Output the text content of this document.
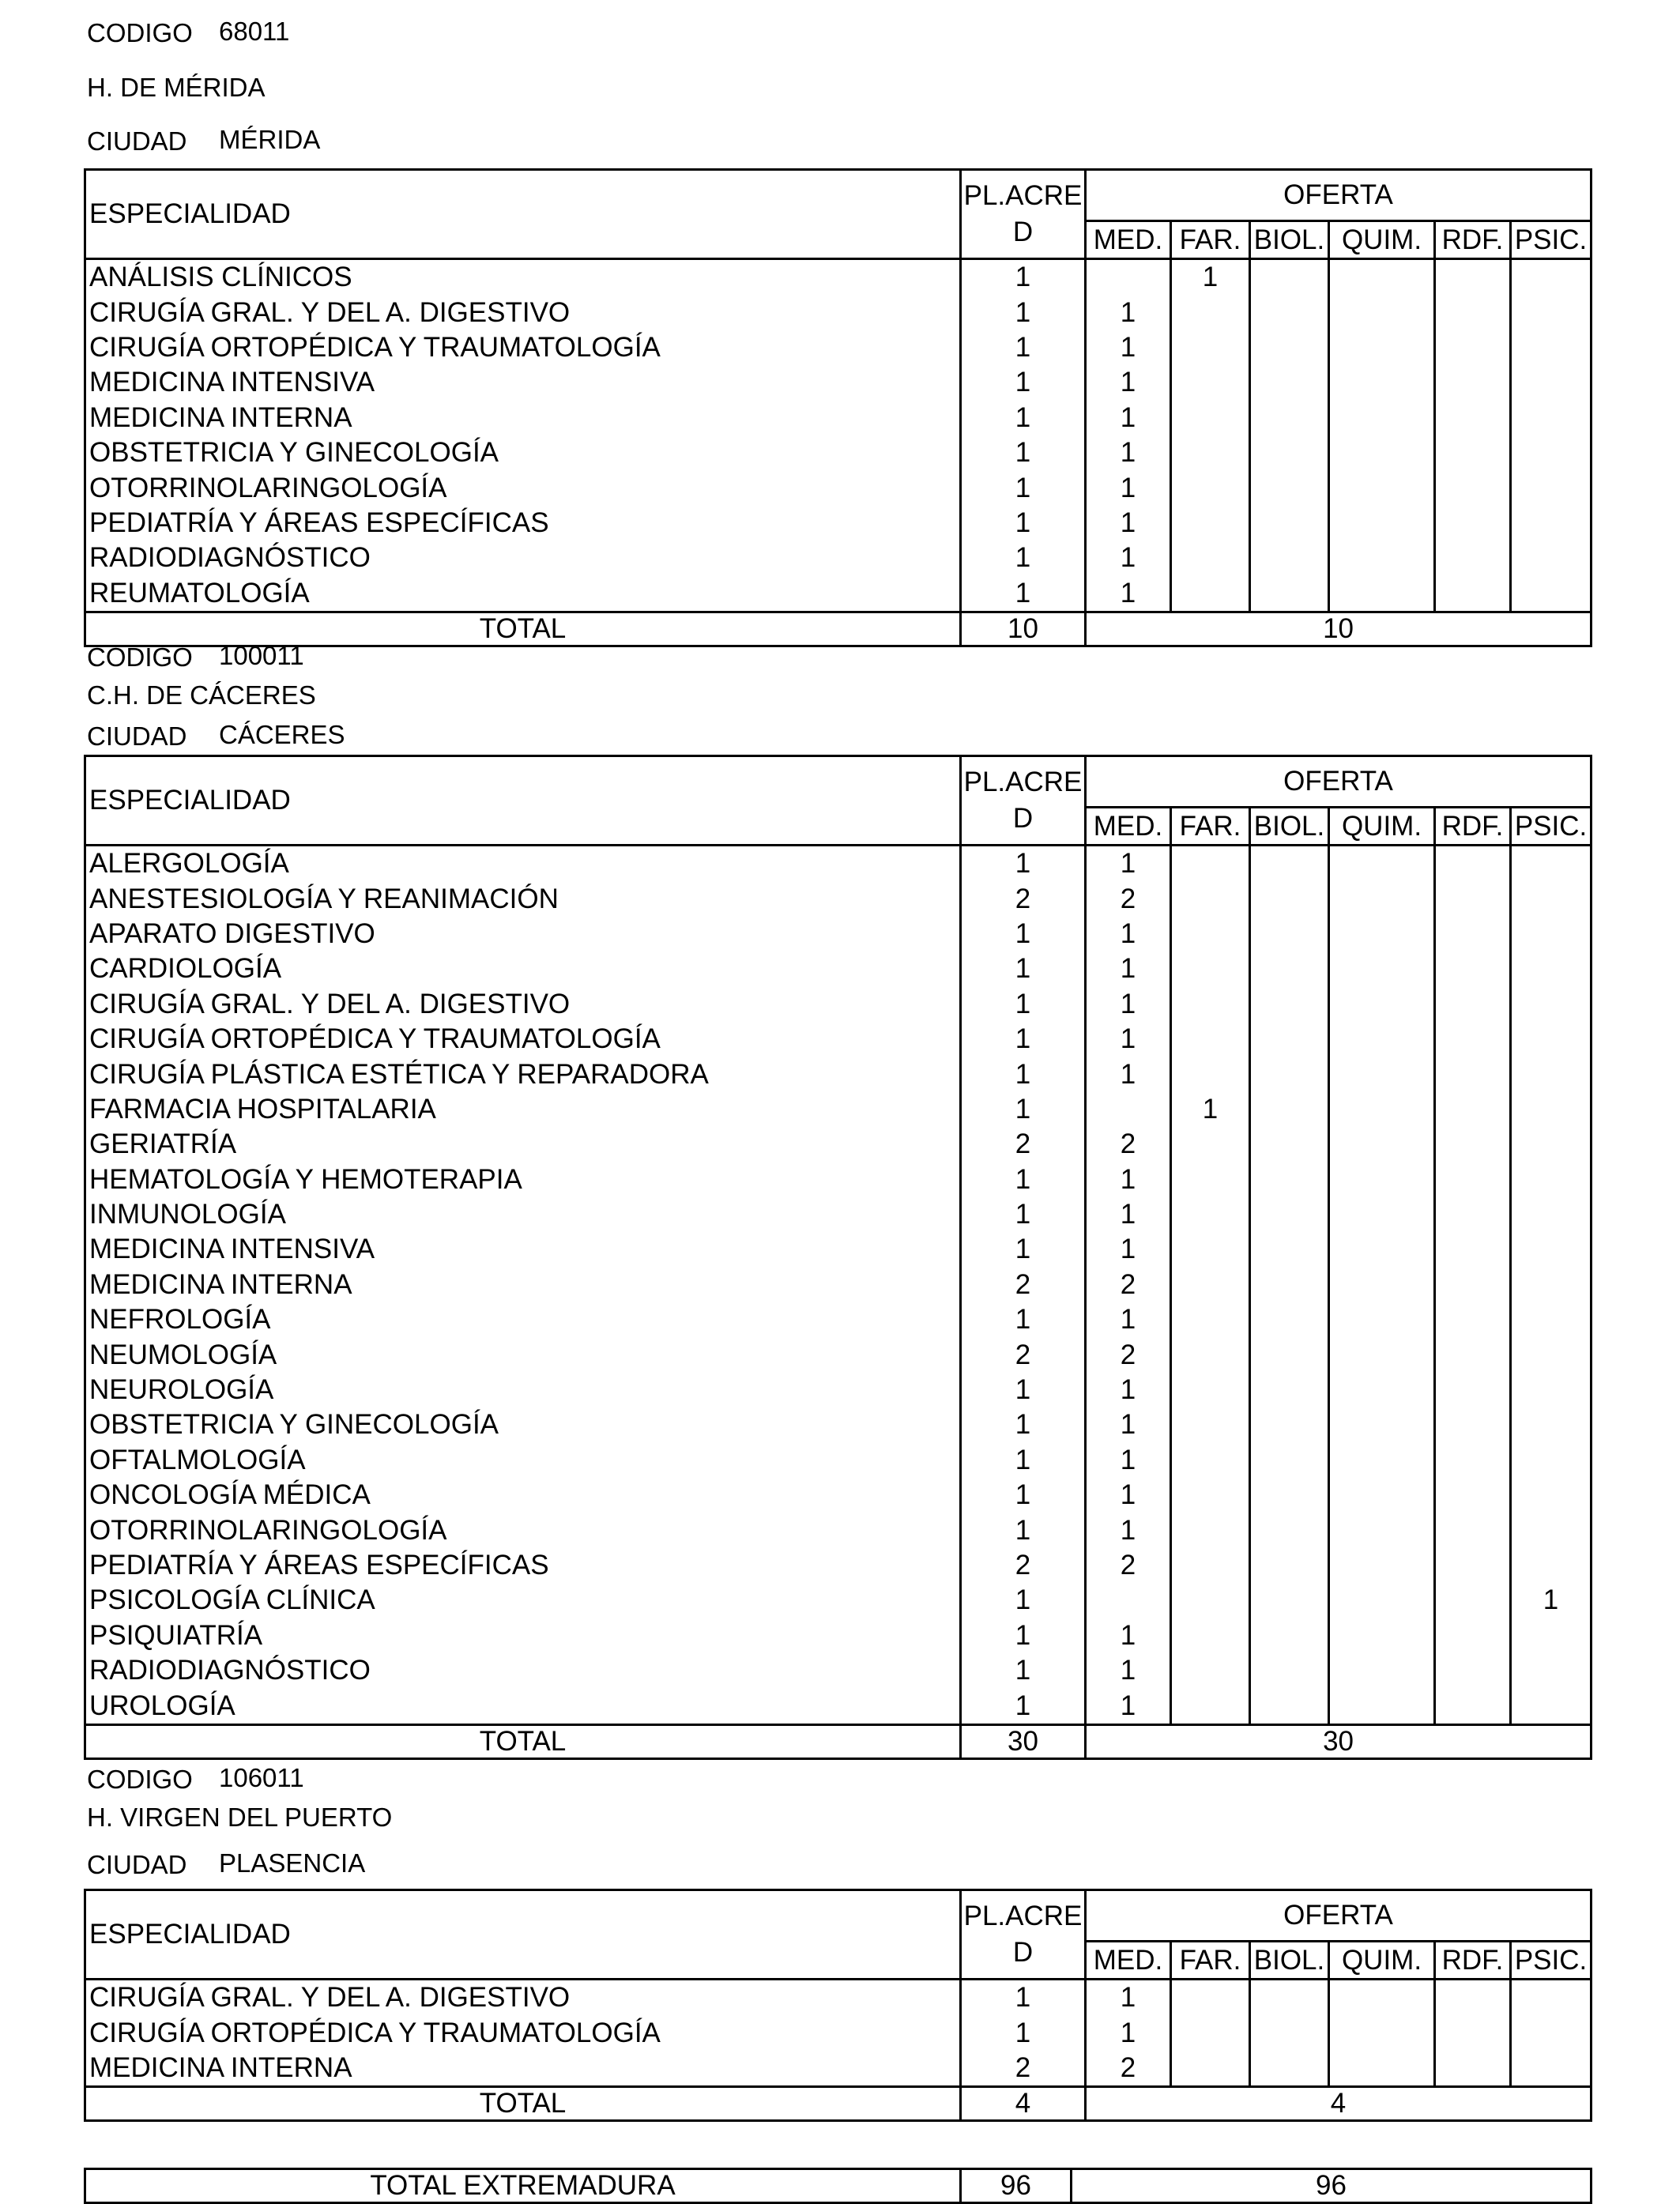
CODIGO 68011
H. DE MÉRIDA
CIUDAD MÉRIDA
ESPECIALIDAD	PL.ACRE
D	OFERTA					
		MED.	FAR.	BIOL.	QUIM.	RDF.	PSIC.
ANÁLISIS CLÍNICOS	1		1				
CIRUGÍA GRAL. Y DEL A. DIGESTIVO	1	1					
CIRUGÍA ORTOPÉDICA Y TRAUMATOLOGÍA	1	1					
MEDICINA INTENSIVA	1	1					
MEDICINA INTERNA	1	1					
OBSTETRICIA Y GINECOLOGÍA	1	1					
OTORRINOLARINGOLOGÍA	1	1					
PEDIATRÍA Y ÁREAS ESPECÍFICAS	1	1					
RADIODIAGNÓSTICO	1	1					
REUMATOLOGÍA	1	1					
TOTAL	10	10					
CODIGO 100011
C.H. DE CÁCERES
CIUDAD CÁCERES
ESPECIALIDAD	PL.ACRE
D	OFERTA					
		MED.	FAR.	BIOL.	QUIM.	RDF.	PSIC.
ALERGOLOGÍA	1	1					
ANESTESIOLOGÍA Y REANIMACIÓN	2	2					
APARATO DIGESTIVO	1	1					
CARDIOLOGÍA	1	1					
CIRUGÍA GRAL. Y DEL A. DIGESTIVO	1	1					
CIRUGÍA ORTOPÉDICA Y TRAUMATOLOGÍA	1	1					
CIRUGÍA PLÁSTICA ESTÉTICA Y REPARADORA	1	1					
FARMACIA HOSPITALARIA	1		1				
GERIATRÍA	2	2					
HEMATOLOGÍA Y HEMOTERAPIA	1	1					
INMUNOLOGÍA	1	1					
MEDICINA INTENSIVA	1	1					
MEDICINA INTERNA	2	2					
NEFROLOGÍA	1	1					
NEUMOLOGÍA	2	2					
NEUROLOGÍA	1	1					
OBSTETRICIA Y GINECOLOGÍA	1	1					
OFTALMOLOGÍA	1	1					
ONCOLOGÍA MÉDICA	1	1					
OTORRINOLARINGOLOGÍA	1	1					
PEDIATRÍA Y ÁREAS ESPECÍFICAS	2	2					
PSICOLOGÍA CLÍNICA	1						1
PSIQUIATRÍA	1	1					
RADIODIAGNÓSTICO	1	1					
UROLOGÍA	1	1					
TOTAL	30	30					
CODIGO 106011
H. VIRGEN DEL PUERTO
CIUDAD PLASENCIA
ESPECIALIDAD	PL.ACRE
D	OFERTA					
		MED.	FAR.	BIOL.	QUIM.	RDF.	PSIC.
CIRUGÍA GRAL. Y DEL A. DIGESTIVO	1	1					
CIRUGÍA ORTOPÉDICA Y TRAUMATOLOGÍA	1	1					
MEDICINA INTERNA	2	2					
TOTAL	4	4					
TOTAL EXTREMADURA	96	96
